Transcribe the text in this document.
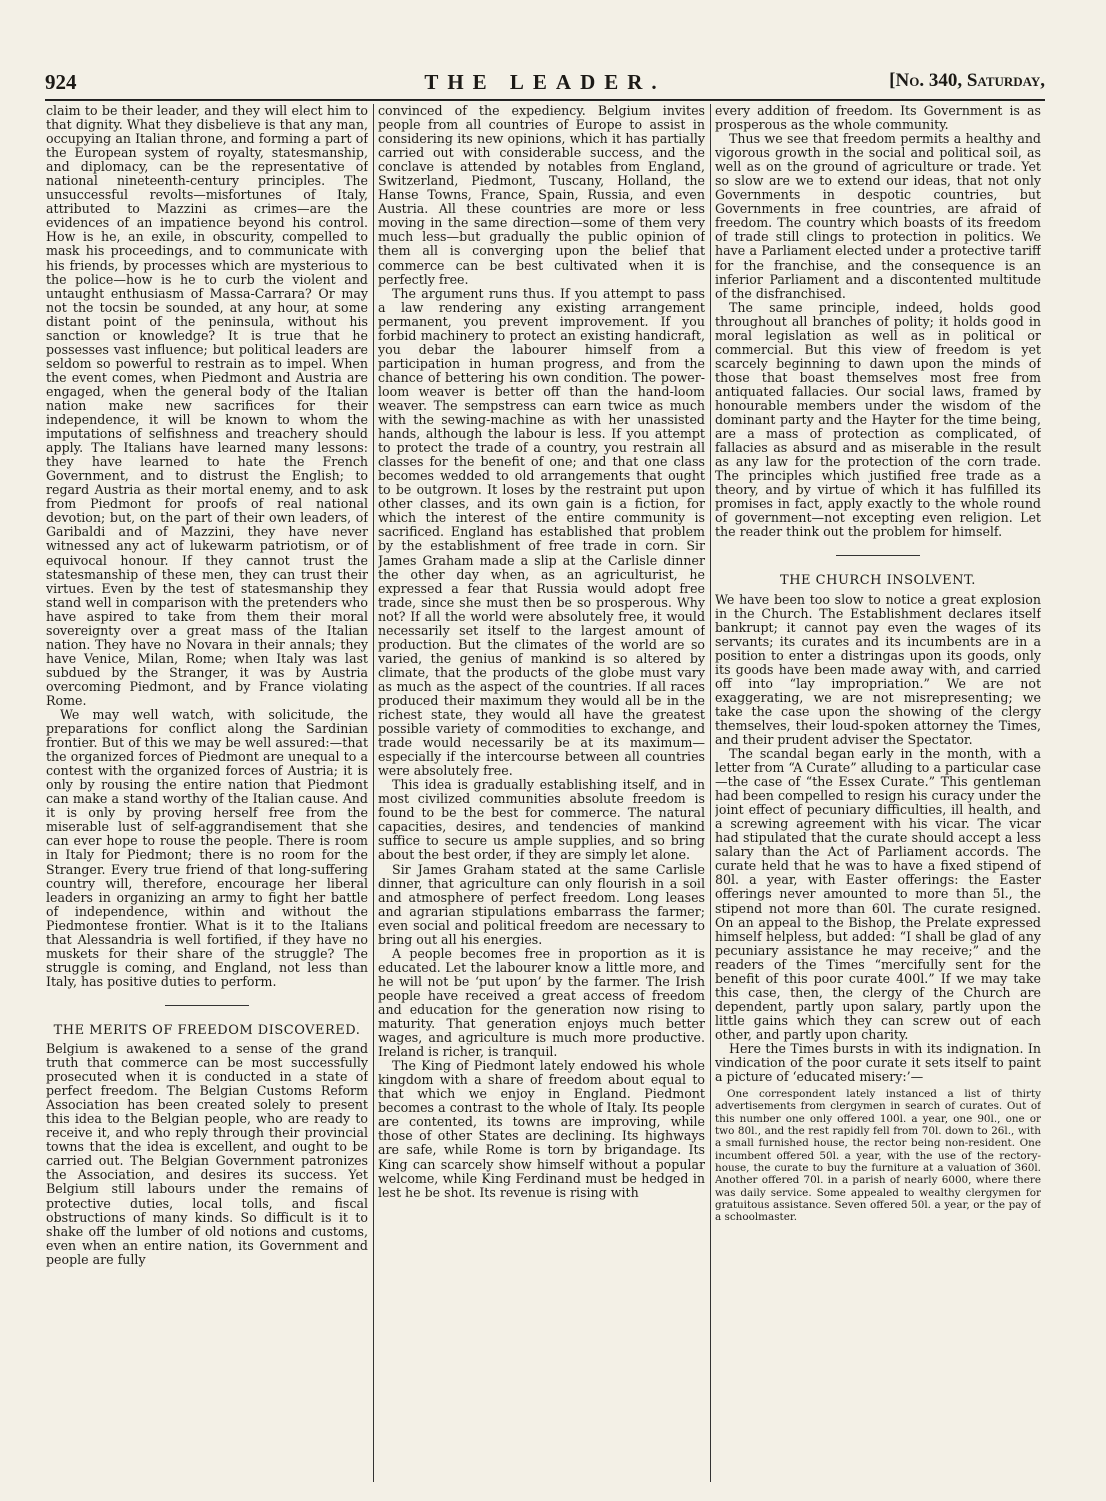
924	THE LEADER.	[No. 340, Saturday,

claim to be their leader, and they will elect him to that dignity. What they disbelieve is that any man, occupying an Italian throne, and forming a part of the European system of royalty, statesmanship, and diplomacy, can be the representative of national nineteenth-century principles. The unsuccessful revolts—misfortunes of Italy, attributed to Mazzini as crimes—are the evidences of an impatience beyond his control. How is he, an exile, in obscurity, compelled to mask his proceedings, and to communicate with his friends, by processes which are mysterious to the police—how is he to curb the violent and untaught enthusiasm of Massa-Carrara? Or may not the tocsin be sounded, at any hour, at some distant point of the peninsula, without his sanction or knowledge? It is true that he possesses vast influence; but political leaders are seldom so powerful to restrain as to impel. When the event comes, when Piedmont and Austria are engaged, when the general body of the Italian nation make new sacrifices for their independence, it will be known to whom the imputations of selfishness and treachery should apply. The Italians have learned many lessons: they have learned to hate the French Government, and to distrust the English; to regard Austria as their mortal enemy, and to ask from Piedmont for proofs of real national devotion; but, on the part of their own leaders, of Garibaldi and of Mazzini, they have never witnessed any act of lukewarm patriotism, or of equivocal honour. If they cannot trust the statesmanship of these men, they can trust their virtues. Even by the test of statesmanship they stand well in comparison with the pretenders who have aspired to take from them their moral sovereignty over a great mass of the Italian nation. They have no Novara in their annals; they have Venice, Milan, Rome; when Italy was last subdued by the Stranger, it was by Austria overcoming Piedmont, and by France violating Rome.

We may well watch, with solicitude, the preparations for conflict along the Sardinian frontier. But of this we may be well assured:—that the organized forces of Piedmont are unequal to a contest with the organized forces of Austria; it is only by rousing the entire nation that Piedmont can make a stand worthy of the Italian cause. And it is only by proving herself free from the miserable lust of self-aggrandisement that she can ever hope to rouse the people. There is room in Italy for Piedmont; there is no room for the Stranger. Every true friend of that long-suffering country will, therefore, encourage her liberal leaders in organizing an army to fight her battle of independence, within and without the Piedmontese frontier. What is it to the Italians that Alessandria is well fortified, if they have no muskets for their share of the struggle? The struggle is coming, and England, not less than Italy, has positive duties to perform.

THE MERITS OF FREEDOM DISCOVERED.

Belgium is awakened to a sense of the grand truth that commerce can be most successfully prosecuted when it is conducted in a state of perfect freedom. The Belgian Customs Reform Association has been created solely to present this idea to the Belgian people, who are ready to receive it, and who reply through their provincial towns that the idea is excellent, and ought to be carried out. The Belgian Government patronizes the Association, and desires its success. Yet Belgium still labours under the remains of protective duties, local tolls, and fiscal obstructions of many kinds. So difficult is it to shake off the lumber of old notions and customs, even when an entire nation, its Government and people are fully

convinced of the expediency. Belgium invites people from all countries of Europe to assist in considering its new opinions, which it has partially carried out with considerable success, and the conclave is attended by notables from England, Switzerland, Piedmont, Tuscany, Holland, the Hanse Towns, France, Spain, Russia, and even Austria. All these countries are more or less moving in the same direction—some of them very much less—but gradually the public opinion of them all is converging upon the belief that commerce can be best cultivated when it is perfectly free.

The argument runs thus. If you attempt to pass a law rendering any existing arrangement permanent, you prevent improvement. If you forbid machinery to protect an existing handicraft, you debar the labourer himself from a participation in human progress, and from the chance of bettering his own condition. The power-loom weaver is better off than the hand-loom weaver. The sempstress can earn twice as much with the sewing-machine as with her unassisted hands, although the labour is less. If you attempt to protect the trade of a country, you restrain all classes for the benefit of one; and that one class becomes wedded to old arrangements that ought to be outgrown. It loses by the restraint put upon other classes, and its own gain is a fiction, for which the interest of the entire community is sacrificed. England has established that problem by the establishment of free trade in corn. Sir James Graham made a slip at the Carlisle dinner the other day when, as an agriculturist, he expressed a fear that Russia would adopt free trade, since she must then be so prosperous. Why not? If all the world were absolutely free, it would necessarily set itself to the largest amount of production. But the climates of the world are so varied, the genius of mankind is so altered by climate, that the products of the globe must vary as much as the aspect of the countries. If all races produced their maximum they would all be in the richest state, they would all have the greatest possible variety of commodities to exchange, and trade would necessarily be at its maximum—especially if the intercourse between all countries were absolutely free.

This idea is gradually establishing itself, and in most civilized communities absolute freedom is found to be the best for commerce. The natural capacities, desires, and tendencies of mankind suffice to secure us ample supplies, and so bring about the best order, if they are simply let alone.

Sir James Graham stated at the same Carlisle dinner, that agriculture can only flourish in a soil and atmosphere of perfect freedom. Long leases and agrarian stipulations embarrass the farmer; even social and political freedom are necessary to bring out all his energies.

A people becomes free in proportion as it is educated. Let the labourer know a little more, and he will not be ‘put upon’ by the farmer. The Irish people have received a great access of freedom and education for the generation now rising to maturity. That generation enjoys much better wages, and agriculture is much more productive. Ireland is richer, is tranquil.

The King of Piedmont lately endowed his whole kingdom with a share of freedom about equal to that which we enjoy in England. Piedmont becomes a contrast to the whole of Italy. Its people are contented, its towns are improving, while those of other States are declining. Its highways are safe, while Rome is torn by brigandage. Its King can scarcely show himself without a popular welcome, while King Ferdinand must be hedged in lest he be shot. Its revenue is rising with

every addition of freedom. Its Government is as prosperous as the whole community.

Thus we see that freedom permits a healthy and vigorous growth in the social and political soil, as well as on the ground of agriculture or trade. Yet so slow are we to extend our ideas, that not only Governments in despotic countries, but Governments in free countries, are afraid of freedom. The country which boasts of its freedom of trade still clings to protection in politics. We have a Parliament elected under a protective tariff for the franchise, and the consequence is an inferior Parliament and a discontented multitude of the disfranchised.

The same principle, indeed, holds good throughout all branches of polity; it holds good in moral legislation as well as in political or commercial. But this view of freedom is yet scarcely beginning to dawn upon the minds of those that boast themselves most free from antiquated fallacies. Our social laws, framed by honourable members under the wisdom of the dominant party and the Hayter for the time being, are a mass of protection as complicated, of fallacies as absurd and as miserable in the result as any law for the protection of the corn trade. The principles which justified free trade as a theory, and by virtue of which it has fulfilled its promises in fact, apply exactly to the whole round of government—not excepting even religion. Let the reader think out the problem for himself.

THE CHURCH INSOLVENT.

We have been too slow to notice a great explosion in the Church. The Establishment declares itself bankrupt; it cannot pay even the wages of its servants; its curates and its incumbents are in a position to enter a distringas upon its goods, only its goods have been made away with, and carried off into “lay impropriation.” We are not exaggerating, we are not misrepresenting; we take the case upon the showing of the clergy themselves, their loud-spoken attorney the Times, and their prudent adviser the Spectator.

The scandal began early in the month, with a letter from “A Curate” alluding to a particular case—the case of “the Essex Curate.” This gentleman had been compelled to resign his curacy under the joint effect of pecuniary difficulties, ill health, and a screwing agreement with his vicar. The vicar had stipulated that the curate should accept a less salary than the Act of Parliament accords. The curate held that he was to have a fixed stipend of 80l. a year, with Easter offerings: the Easter offerings never amounted to more than 5l., the stipend not more than 60l. The curate resigned. On an appeal to the Bishop, the Prelate expressed himself helpless, but added: “I shall be glad of any pecuniary assistance he may receive;” and the readers of the Times “mercifully sent for the benefit of this poor curate 400l.” If we may take this case, then, the clergy of the Church are dependent, partly upon salary, partly upon the little gains which they can screw out of each other, and partly upon charity.

Here the Times bursts in with its indignation. In vindication of the poor curate it sets itself to paint a picture of ‘educated misery:’—

One correspondent lately instanced a list of thirty advertisements from clergymen in search of curates. Out of this number one only offered 100l. a year, one 90l., one or two 80l., and the rest rapidly fell from 70l. down to 26l., with a small furnished house, the rector being non-resident. One incumbent offered 50l. a year, with the use of the rectory-house, the curate to buy the furniture at a valuation of 360l. Another offered 70l. in a parish of nearly 6000, where there was daily service. Some appealed to wealthy clergymen for gratuitous assistance. Seven offered 50l. a year, or the pay of a schoolmaster.
